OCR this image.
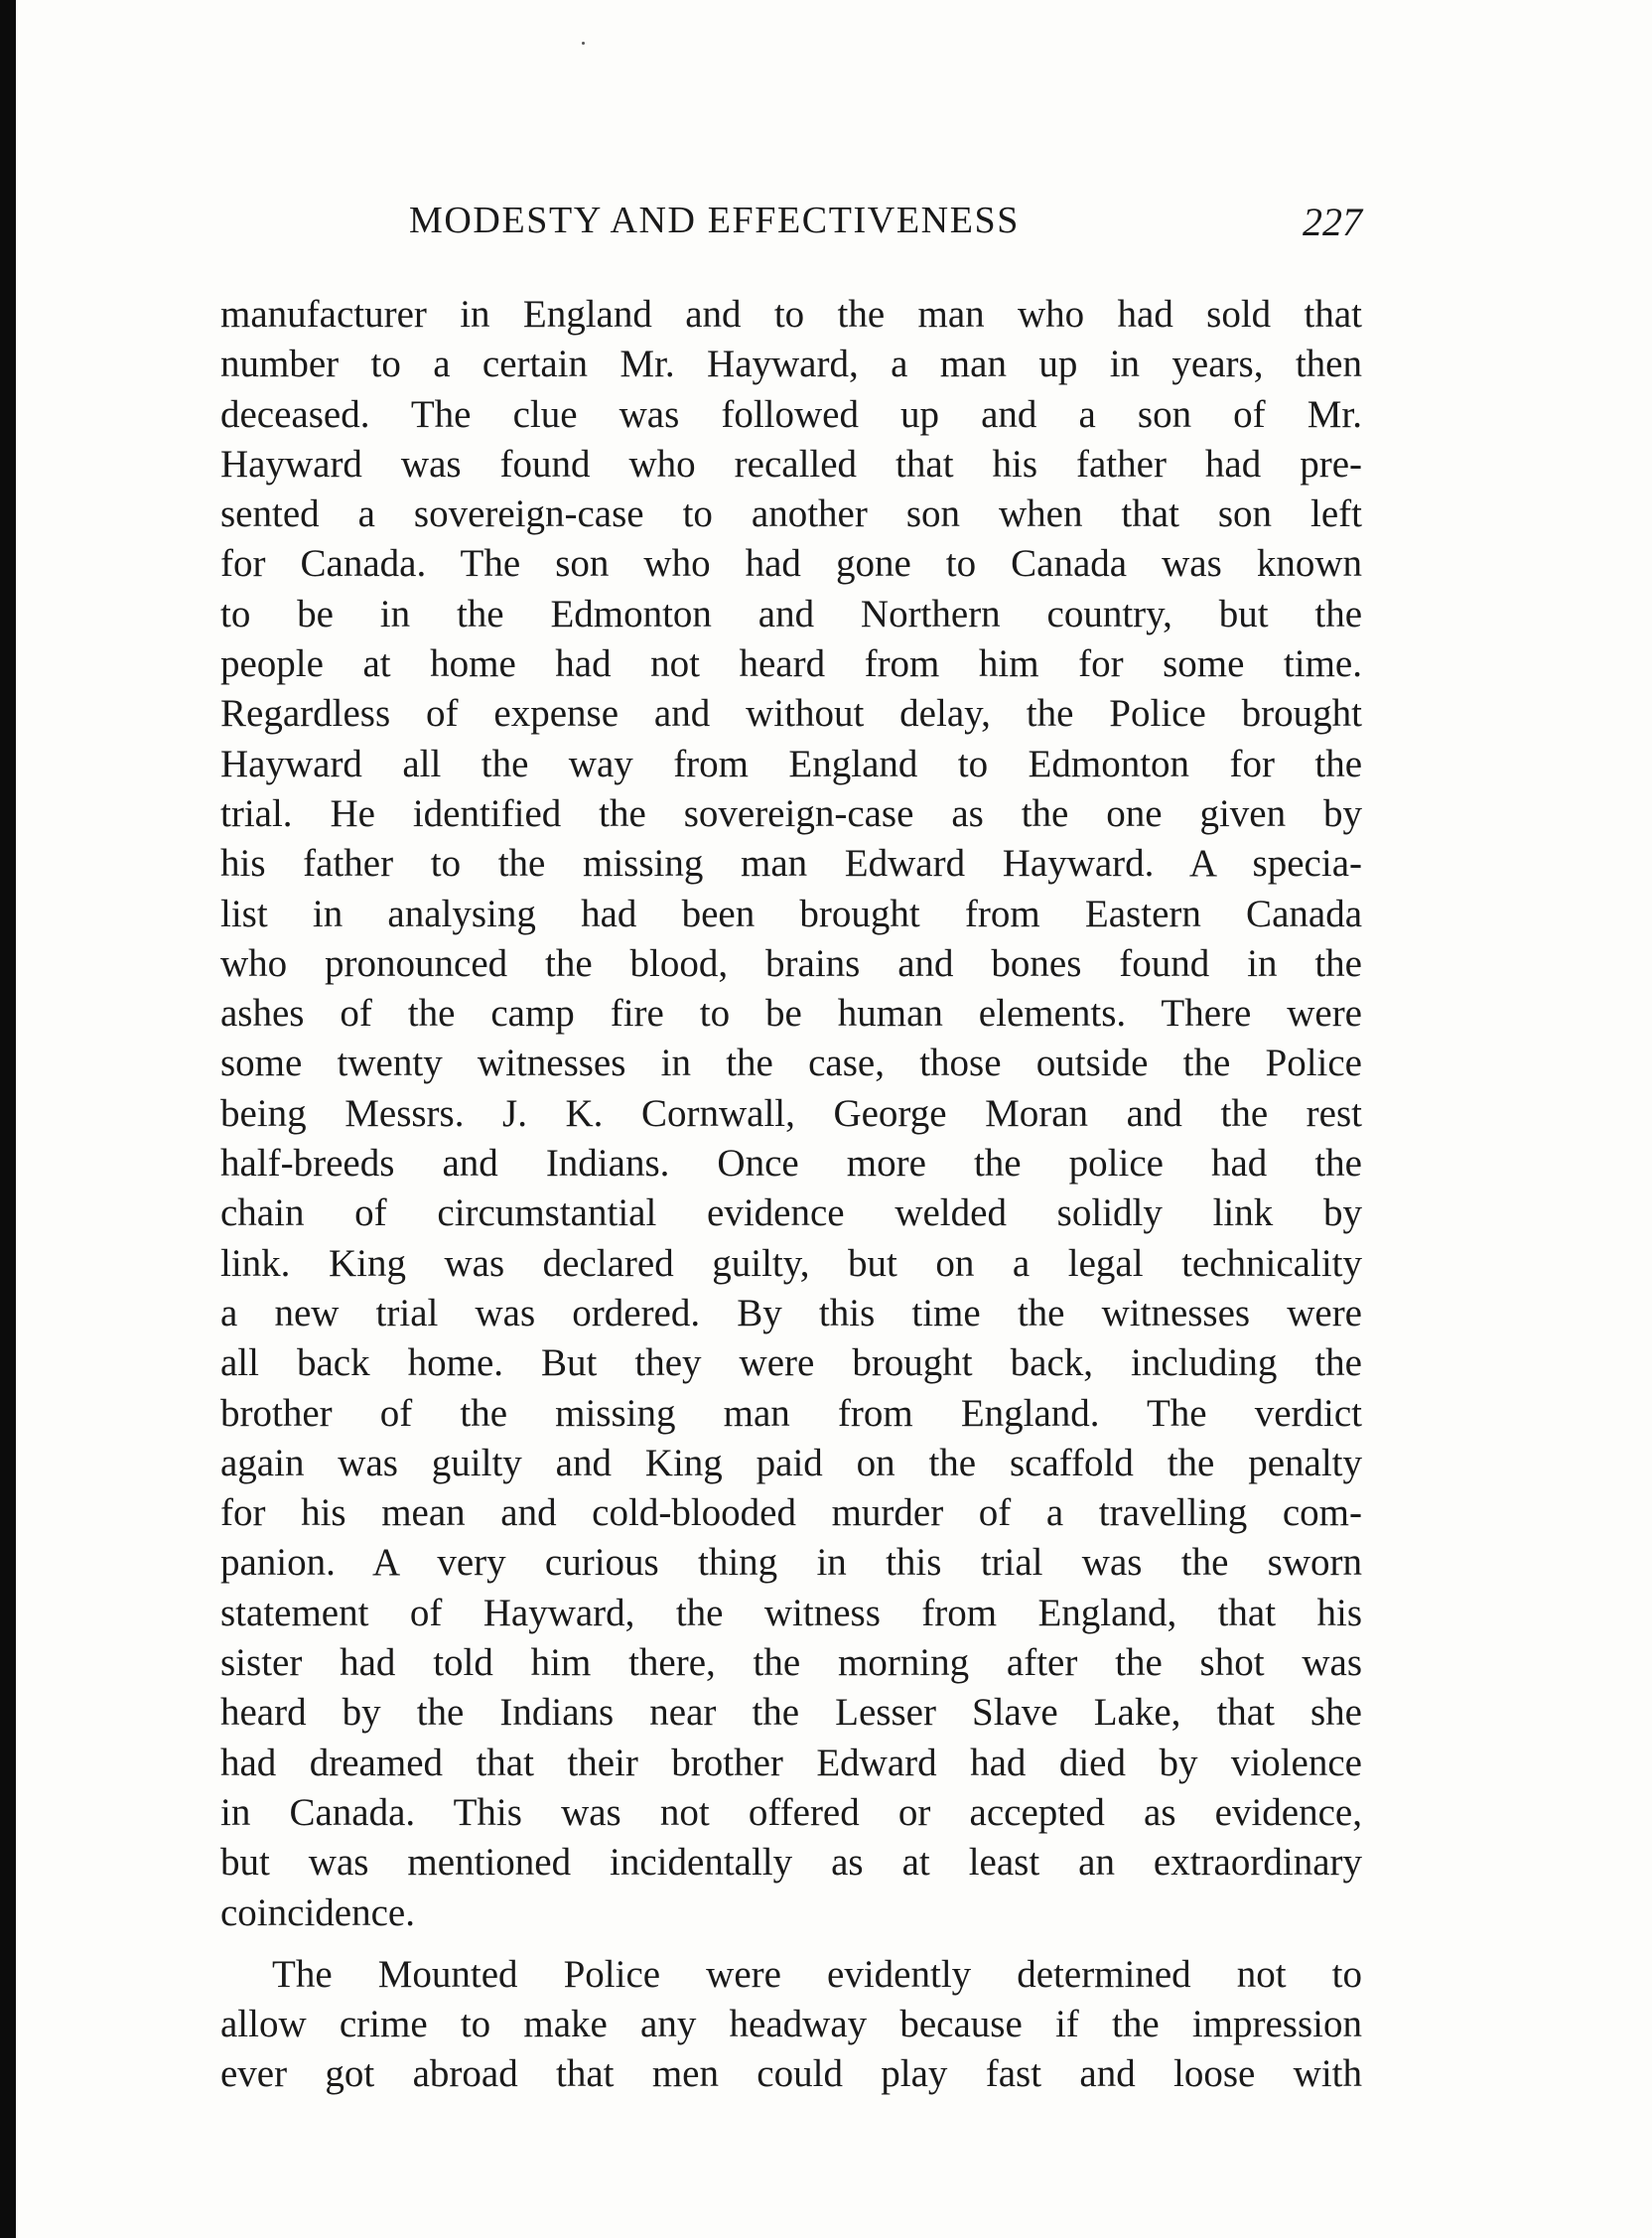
MODESTY AND EFFECTIVENESS	227
manufacturer in England and to the man who had sold that
number to a certain Mr. Hayward, a man up in years, then
deceased. The clue was followed up and a son of Mr.
Hayward was found who recalled that his father had pre-
sented a sovereign-case to another son when that son left
for Canada. The son who had gone to Canada was known
to be in the Edmonton and Northern country, but the
people at home had not heard from him for some time.
Regardless of expense and without delay, the Police brought
Hayward all the way from England to Edmonton for the
trial. He identified the sovereign-case as the one given by
his father to the missing man Edward Hayward. A specia-
list in analysing had been brought from Eastern Canada
who pronounced the blood, brains and bones found in the
ashes of the camp fire to be human elements. There were
some twenty witnesses in the case, those outside the Police
being Messrs. J. K. Cornwall, George Moran and the rest
half-breeds and Indians. Once more the police had the
chain of circumstantial evidence welded solidly link by
link. King was declared guilty, but on a legal technicality
a new trial was ordered. By this time the witnesses were
all back home. But they were brought back, including the
brother of the missing man from England. The verdict
again was guilty and King paid on the scaffold the penalty
for his mean and cold-blooded murder of a travelling com-
panion. A very curious thing in this trial was the sworn
statement of Hayward, the witness from England, that his
sister had told him there, the morning after the shot was
heard by the Indians near the Lesser Slave Lake, that she
had dreamed that their brother Edward had died by violence
in Canada. This was not offered or accepted as evidence,
but was mentioned incidentally as at least an extraordinary
coincidence.
The Mounted Police were evidently determined not to
allow crime to make any headway because if the impression
ever got abroad that men could play fast and loose with
